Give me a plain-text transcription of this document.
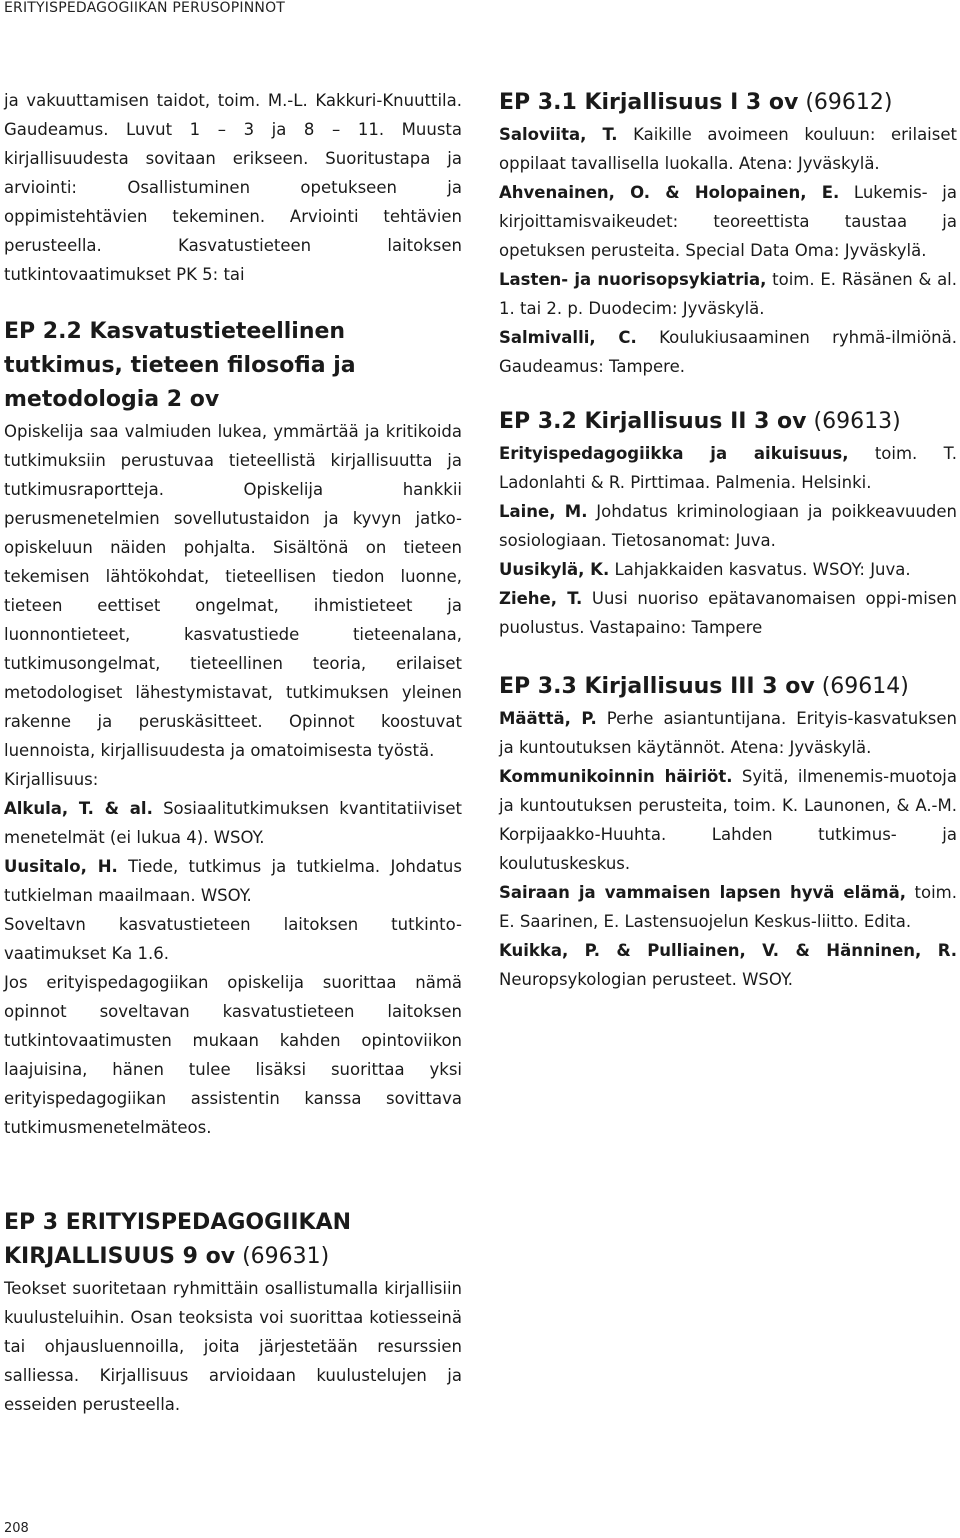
ERITYISPEDAGOGIIKAN PERUSOPINNOT

ja vakuuttamisen taidot, toim. M.-L. Kakkuri-Knuuttila. Gaudeamus. Luvut 1 – 3 ja 8 – 11. Muusta kirjallisuudesta sovitaan erikseen. Suoritustapa ja arviointi: Osallistuminen opetukseen ja oppimistehtävien tekeminen. Arviointi tehtävien perusteella. Kasvatustieteen laitoksen tutkintovaatimukset PK 5: tai

EP 2.2 Kasvatustieteellinen tutkimus, tieteen filosofia ja metodologia 2 ov

Opiskelija saa valmiuden lukea, ymmärtää ja kritikoida tutkimuksiin perustuvaa tieteellistä kirjallisuutta ja tutkimusraportteja. Opiskelija hankkii perusmenetelmien sovellutustaidon ja kyvyn jatko-opiskeluun näiden pohjalta. Sisältönä on tieteen tekemisen lähtökohdat, tieteellisen tiedon luonne, tieteen eettiset ongelmat, ihmistieteet ja luonnontieteet, kasvatustiede tieteenalana, tutkimusongelmat, tieteellinen teoria, erilaiset metodologiset lähestymistavat, tutkimuksen yleinen rakenne ja peruskäsitteet. Opinnot koostuvat luennoista, kirjallisuudesta ja omatoimisesta työstä.

Kirjallisuus:

Alkula, T. & al. Sosiaalitutkimuksen kvantitatiiviset menetelmät (ei lukua 4). WSOY.

Uusitalo, H. Tiede, tutkimus ja tutkielma. Johdatus tutkielman maailmaan. WSOY.

Soveltavn kasvatustieteen laitoksen tutkinto-vaatimukset Ka 1.6.

Jos erityispedagogiikan opiskelija suorittaa nämä opinnot soveltavan kasvatustieteen laitoksen tutkintovaatimusten mukaan kahden opintoviikon laajuisina, hänen tulee lisäksi suorittaa yksi erityispedagogiikan assistentin kanssa sovittava tutkimusmenetelmäteos.

EP 3 ERITYISPEDAGOGIIKAN KIRJALLISUUS 9 ov (69631)

Teokset suoritetaan ryhmittäin osallistumalla kirjallisiin kuulusteluihin. Osan teoksista voi suorittaa kotiesseinä tai ohjausluennoilla, joita järjestetään resurssien salliessa. Kirjallisuus arvioidaan kuulustelujen ja esseiden perusteella.

EP 3.1 Kirjallisuus I 3 ov (69612)

Saloviita, T. Kaikille avoimeen kouluun: erilaiset oppilaat tavallisella luokalla. Atena: Jyväskylä.

Ahvenainen, O. & Holopainen, E. Lukemis- ja kirjoittamisvaikeudet: teoreettista taustaa ja opetuksen perusteita. Special Data Oma: Jyväskylä.

Lasten- ja nuorisopsykiatria, toim. E. Räsänen & al. 1. tai 2. p. Duodecim: Jyväskylä.

Salmivalli, C. Koulukiusaaminen ryhmä-ilmiönä. Gaudeamus: Tampere.

EP 3.2 Kirjallisuus II 3 ov (69613)

Erityispedagogiikka ja aikuisuus, toim. T. Ladonlahti & R. Pirttimaa. Palmenia. Helsinki.

Laine, M. Johdatus kriminologiaan ja poikkeavuuden sosiologiaan. Tietosanomat: Juva.

Uusikylä, K. Lahjakkaiden kasvatus. WSOY: Juva.

Ziehe, T. Uusi nuoriso epätavanomaisen oppi-misen puolustus. Vastapaino: Tampere

EP 3.3 Kirjallisuus III 3 ov (69614)

Määttä, P. Perhe asiantuntijana. Erityis-kasvatuksen ja kuntoutuksen käytännöt. Atena: Jyväskylä.

Kommunikoinnin häiriöt. Syitä, ilmenemis-muotoja ja kuntoutuksen perusteita, toim. K. Launonen, & A.-M. Korpijaakko-Huuhta. Lahden tutkimus- ja koulutuskeskus.

Sairaan ja vammaisen lapsen hyvä elämä, toim. E. Saarinen, E. Lastensuojelun Keskus-liitto. Edita.

Kuikka, P. & Pulliainen, V. & Hänninen, R. Neuropsykologian perusteet. WSOY.

208
